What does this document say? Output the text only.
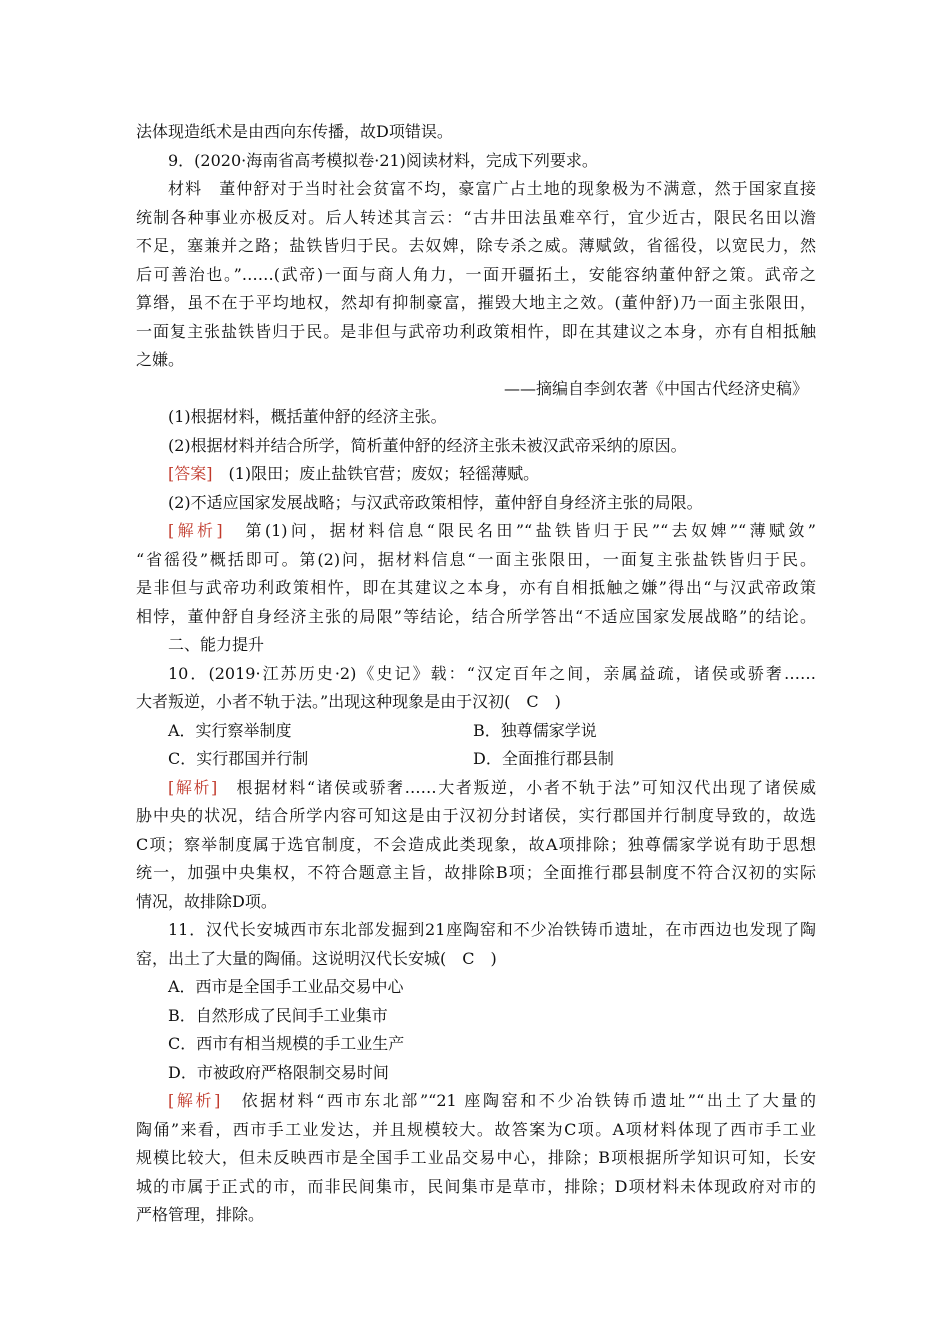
法体现造纸术是由西向东传播，故D项错误。
9．(2020·海南省高考模拟卷·21)阅读材料，完成下列要求。
材料　董仲舒对于当时社会贫富不均，豪富广占土地的现象极为不满意，然于国家直接
统制各种事业亦极反对。后人转述其言云：“古井田法虽难卒行，宜少近古，限民名田以澹
不足，塞兼并之路；盐铁皆归于民。去奴婢，除专杀之威。薄赋敛，省徭役，以宽民力，然
后可善治也。”……(武帝)一面与商人角力，一面开疆拓土，安能容纳董仲舒之策。武帝之
算缗，虽不在于平均地权，然却有抑制豪富，摧毁大地主之效。(董仲舒)乃一面主张限田，
一面复主张盐铁皆归于民。是非但与武帝功利政策相忤，即在其建议之本身，亦有自相抵触
之嫌。
——摘编自李剑农著《中国古代经济史稿》
(1)根据材料，概括董仲舒的经济主张。
(2)根据材料并结合所学，简析董仲舒的经济主张未被汉武帝采纳的原因。
[答案]　(1)限田；废止盐铁官营；废奴；轻徭薄赋。
(2)不适应国家发展战略；与汉武帝政策相悖，董仲舒自身经济主张的局限。
[解析]　第(1)问，据材料信息“限民名田”“盐铁皆归于民”“去奴婢”“薄赋敛”
“省徭役”概括即可。第(2)问，据材料信息“一面主张限田，一面复主张盐铁皆归于民。
是非但与武帝功利政策相忤，即在其建议之本身，亦有自相抵触之嫌”得出“与汉武帝政策
相悖，董仲舒自身经济主张的局限”等结论，结合所学答出“不适应国家发展战略”的结论。
二、能力提升
10．(2019·江苏历史·2)《史记》载：“汉定百年之间，亲属益疏，诸侯或骄奢……
大者叛逆，小者不轨于法。”出现这种现象是由于汉初(　C　)
A．实行察举制度	B．独尊儒家学说
C．实行郡国并行制	D．全面推行郡县制
[解析]　根据材料“诸侯或骄奢……大者叛逆，小者不轨于法”可知汉代出现了诸侯威
胁中央的状况，结合所学内容可知这是由于汉初分封诸侯，实行郡国并行制度导致的，故选
C项；察举制度属于选官制度，不会造成此类现象，故A项排除；独尊儒家学说有助于思想
统一，加强中央集权，不符合题意主旨，故排除B项；全面推行郡县制度不符合汉初的实际
情况，故排除D项。
11．汉代长安城西市东北部发掘到21座陶窑和不少冶铁铸币遗址，在市西边也发现了陶
窑，出土了大量的陶俑。这说明汉代长安城(　C　)
A．西市是全国手工业品交易中心
B．自然形成了民间手工业集市
C．西市有相当规模的手工业生产
D．市被政府严格限制交易时间
[解析]　依据材料“西市东北部”“21 座陶窑和不少冶铁铸币遗址”“出土了大量的
陶俑”来看，西市手工业发达，并且规模较大。故答案为C项。A项材料体现了西市手工业
规模比较大，但未反映西市是全国手工业品交易中心，排除；B项根据所学知识可知，长安
城的市属于正式的市，而非民间集市，民间集市是草市，排除；D项材料未体现政府对市的
严格管理，排除。
